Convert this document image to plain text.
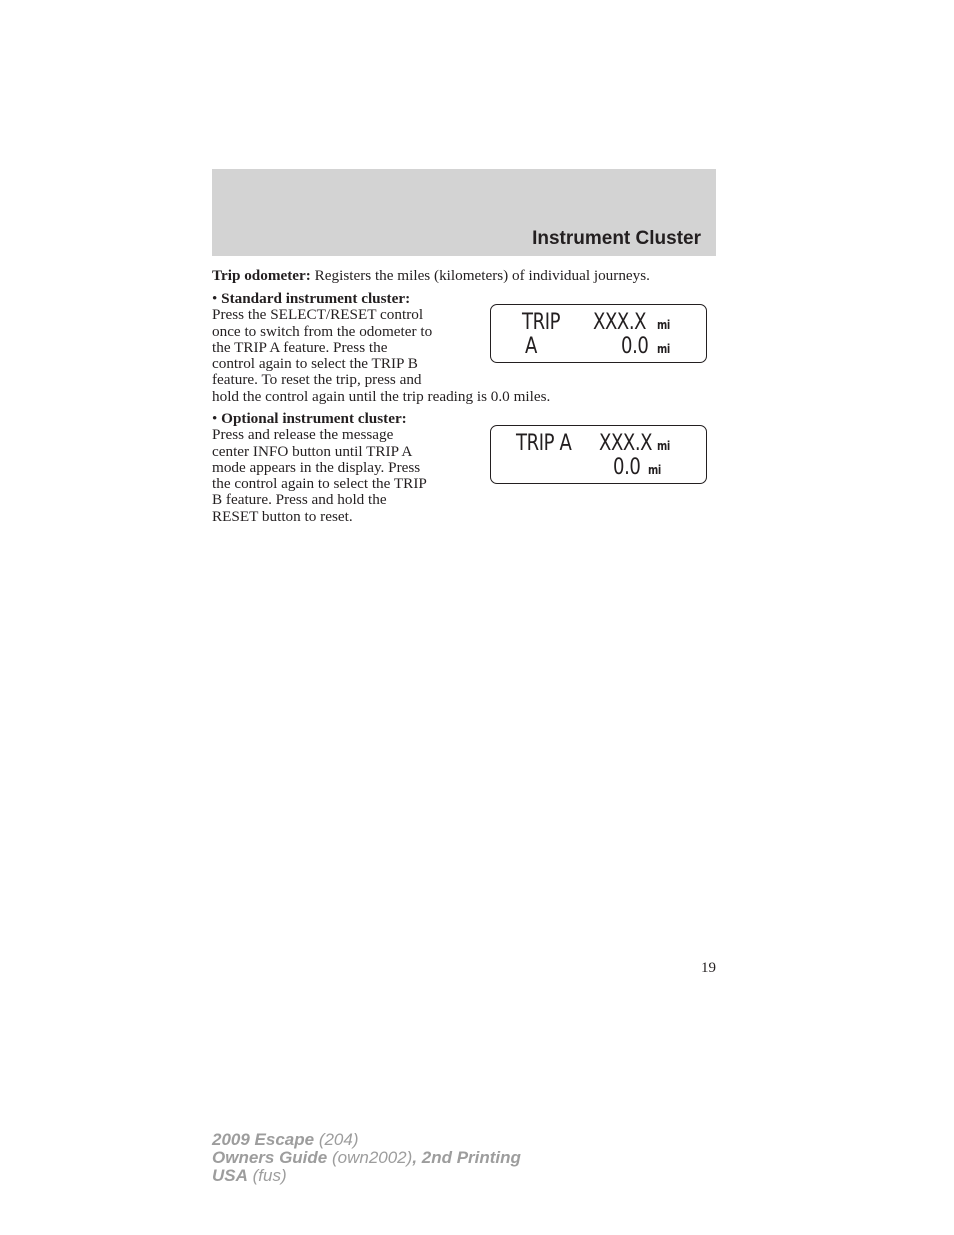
Instrument Cluster
Trip odometer: Registers the miles (kilometers) of individual journeys.
• Standard instrument cluster:
Press the SELECT/RESET control
once to switch from the odometer to
the TRIP A feature. Press the
control again to select the TRIP B
feature. To reset the trip, press and
hold the control again until the trip reading is 0.0 miles.
TRIP XXX.X mi
A	0.0 mi
• Optional instrument cluster:
Press and release the message
center INFO button until TRIP A
mode appears in the display. Press
the control again to select the TRIP
B feature. Press and hold the
RESET button to reset.
TRIP A XXX.X mi
0.0 mi
19
2009 Escape (204)
Owners Guide (own2002), 2nd Printing
USA (fus)
